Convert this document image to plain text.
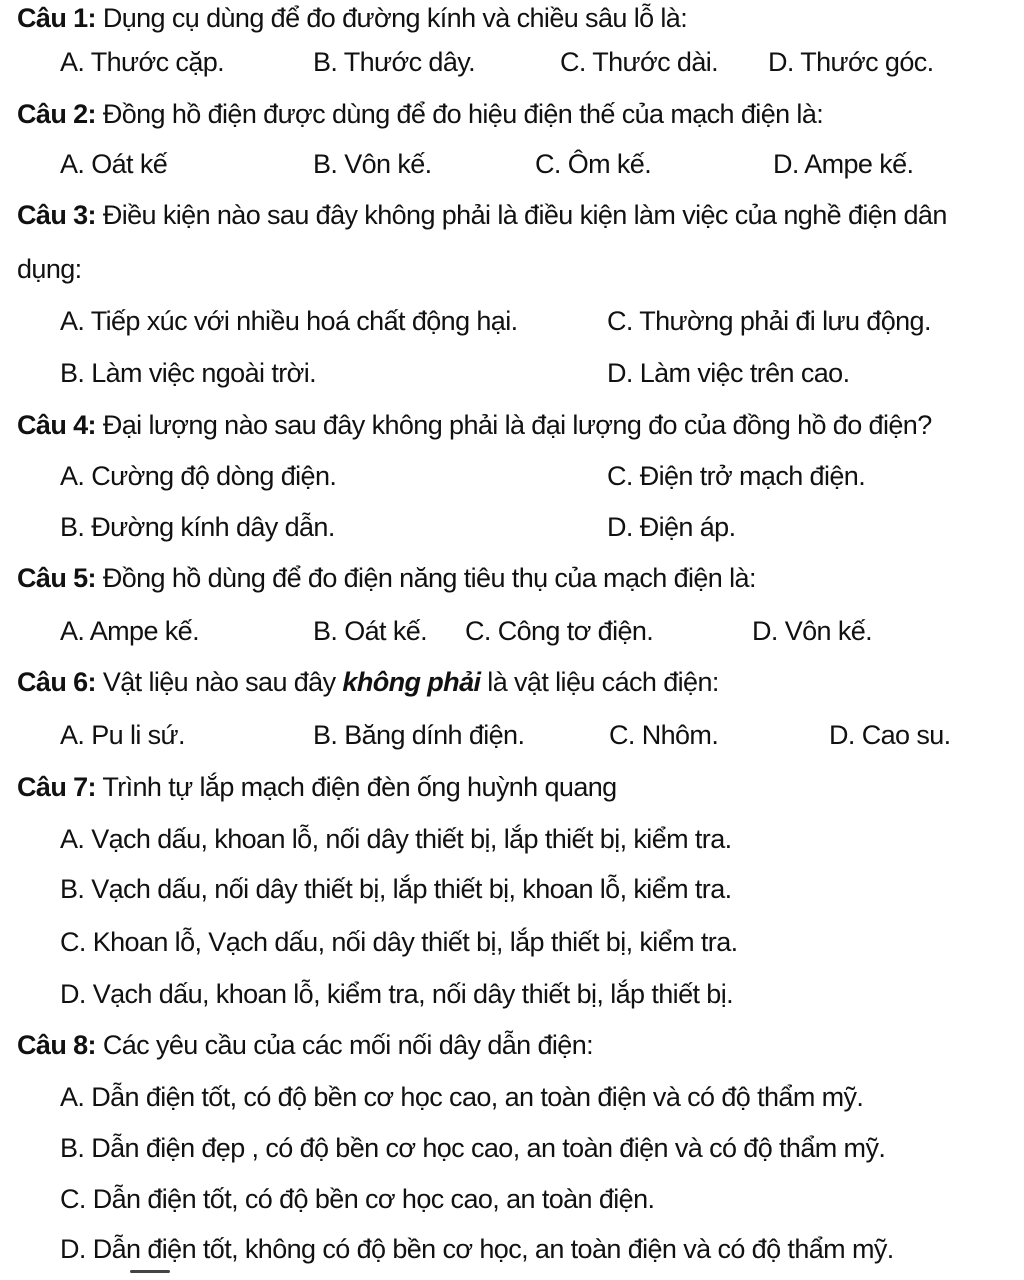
Câu 1: Dụng cụ dùng để đo đường kính và chiều sâu lỗ là:
A. Thước cặp.	B. Thước dây.	C. Thước dài. D. Thước góc.
Câu 2: Đồng hồ điện được dùng để đo hiệu điện thế của mạch điện là:
A. Oát kế	B. Vôn kế.	C. Ôm kế.	D. Ampe kế.
Câu 3: Điều kiện nào sau đây không phải là điều kiện làm việc của nghề điện dân
dụng:
A. Tiếp xúc với nhiều hoá chất động hại.	C. Thường phải đi lưu động.
B. Làm việc ngoài trời.	D. Làm việc trên cao.
Câu 4: Đại lượng nào sau đây không phải là đại lượng đo của đồng hồ đo điện?
A. Cường độ dòng điện.	C. Điện trở mạch điện.
B. Đường kính dây dẫn.	D. Điện áp.
Câu 5: Đồng hồ dùng để đo điện năng tiêu thụ của mạch điện là:
A. Ampe kế.	B. Oát kế. C. Công tơ điện.	D. Vôn kế.
Câu 6: Vật liệu nào sau đây không phải là vật liệu cách điện:
A. Pu li sứ.	B. Băng dính điện.	C. Nhôm.	D. Cao su.
Câu 7: Trình tự lắp mạch điện đèn ống huỳnh quang
A. Vạch dấu, khoan lỗ, nối dây thiết bị, lắp thiết bị, kiểm tra.
B. Vạch dấu, nối dây thiết bị, lắp thiết bị, khoan lỗ, kiểm tra.
C. Khoan lỗ, Vạch dấu, nối dây thiết bị, lắp thiết bị, kiểm tra.
D. Vạch dấu, khoan lỗ, kiểm tra, nối dây thiết bị, lắp thiết bị.
Câu 8: Các yêu cầu của các mối nối dây dẫn điện:
A. Dẫn điện tốt, có độ bền cơ học cao, an toàn điện và có độ thẩm mỹ.
B. Dẫn điện đẹp , có độ bền cơ học cao, an toàn điện và có độ thẩm mỹ.
C. Dẫn điện tốt, có độ bền cơ học cao, an toàn điện.
D. Dẫn điện tốt, không có độ bền cơ học, an toàn điện và có độ thẩm mỹ.
